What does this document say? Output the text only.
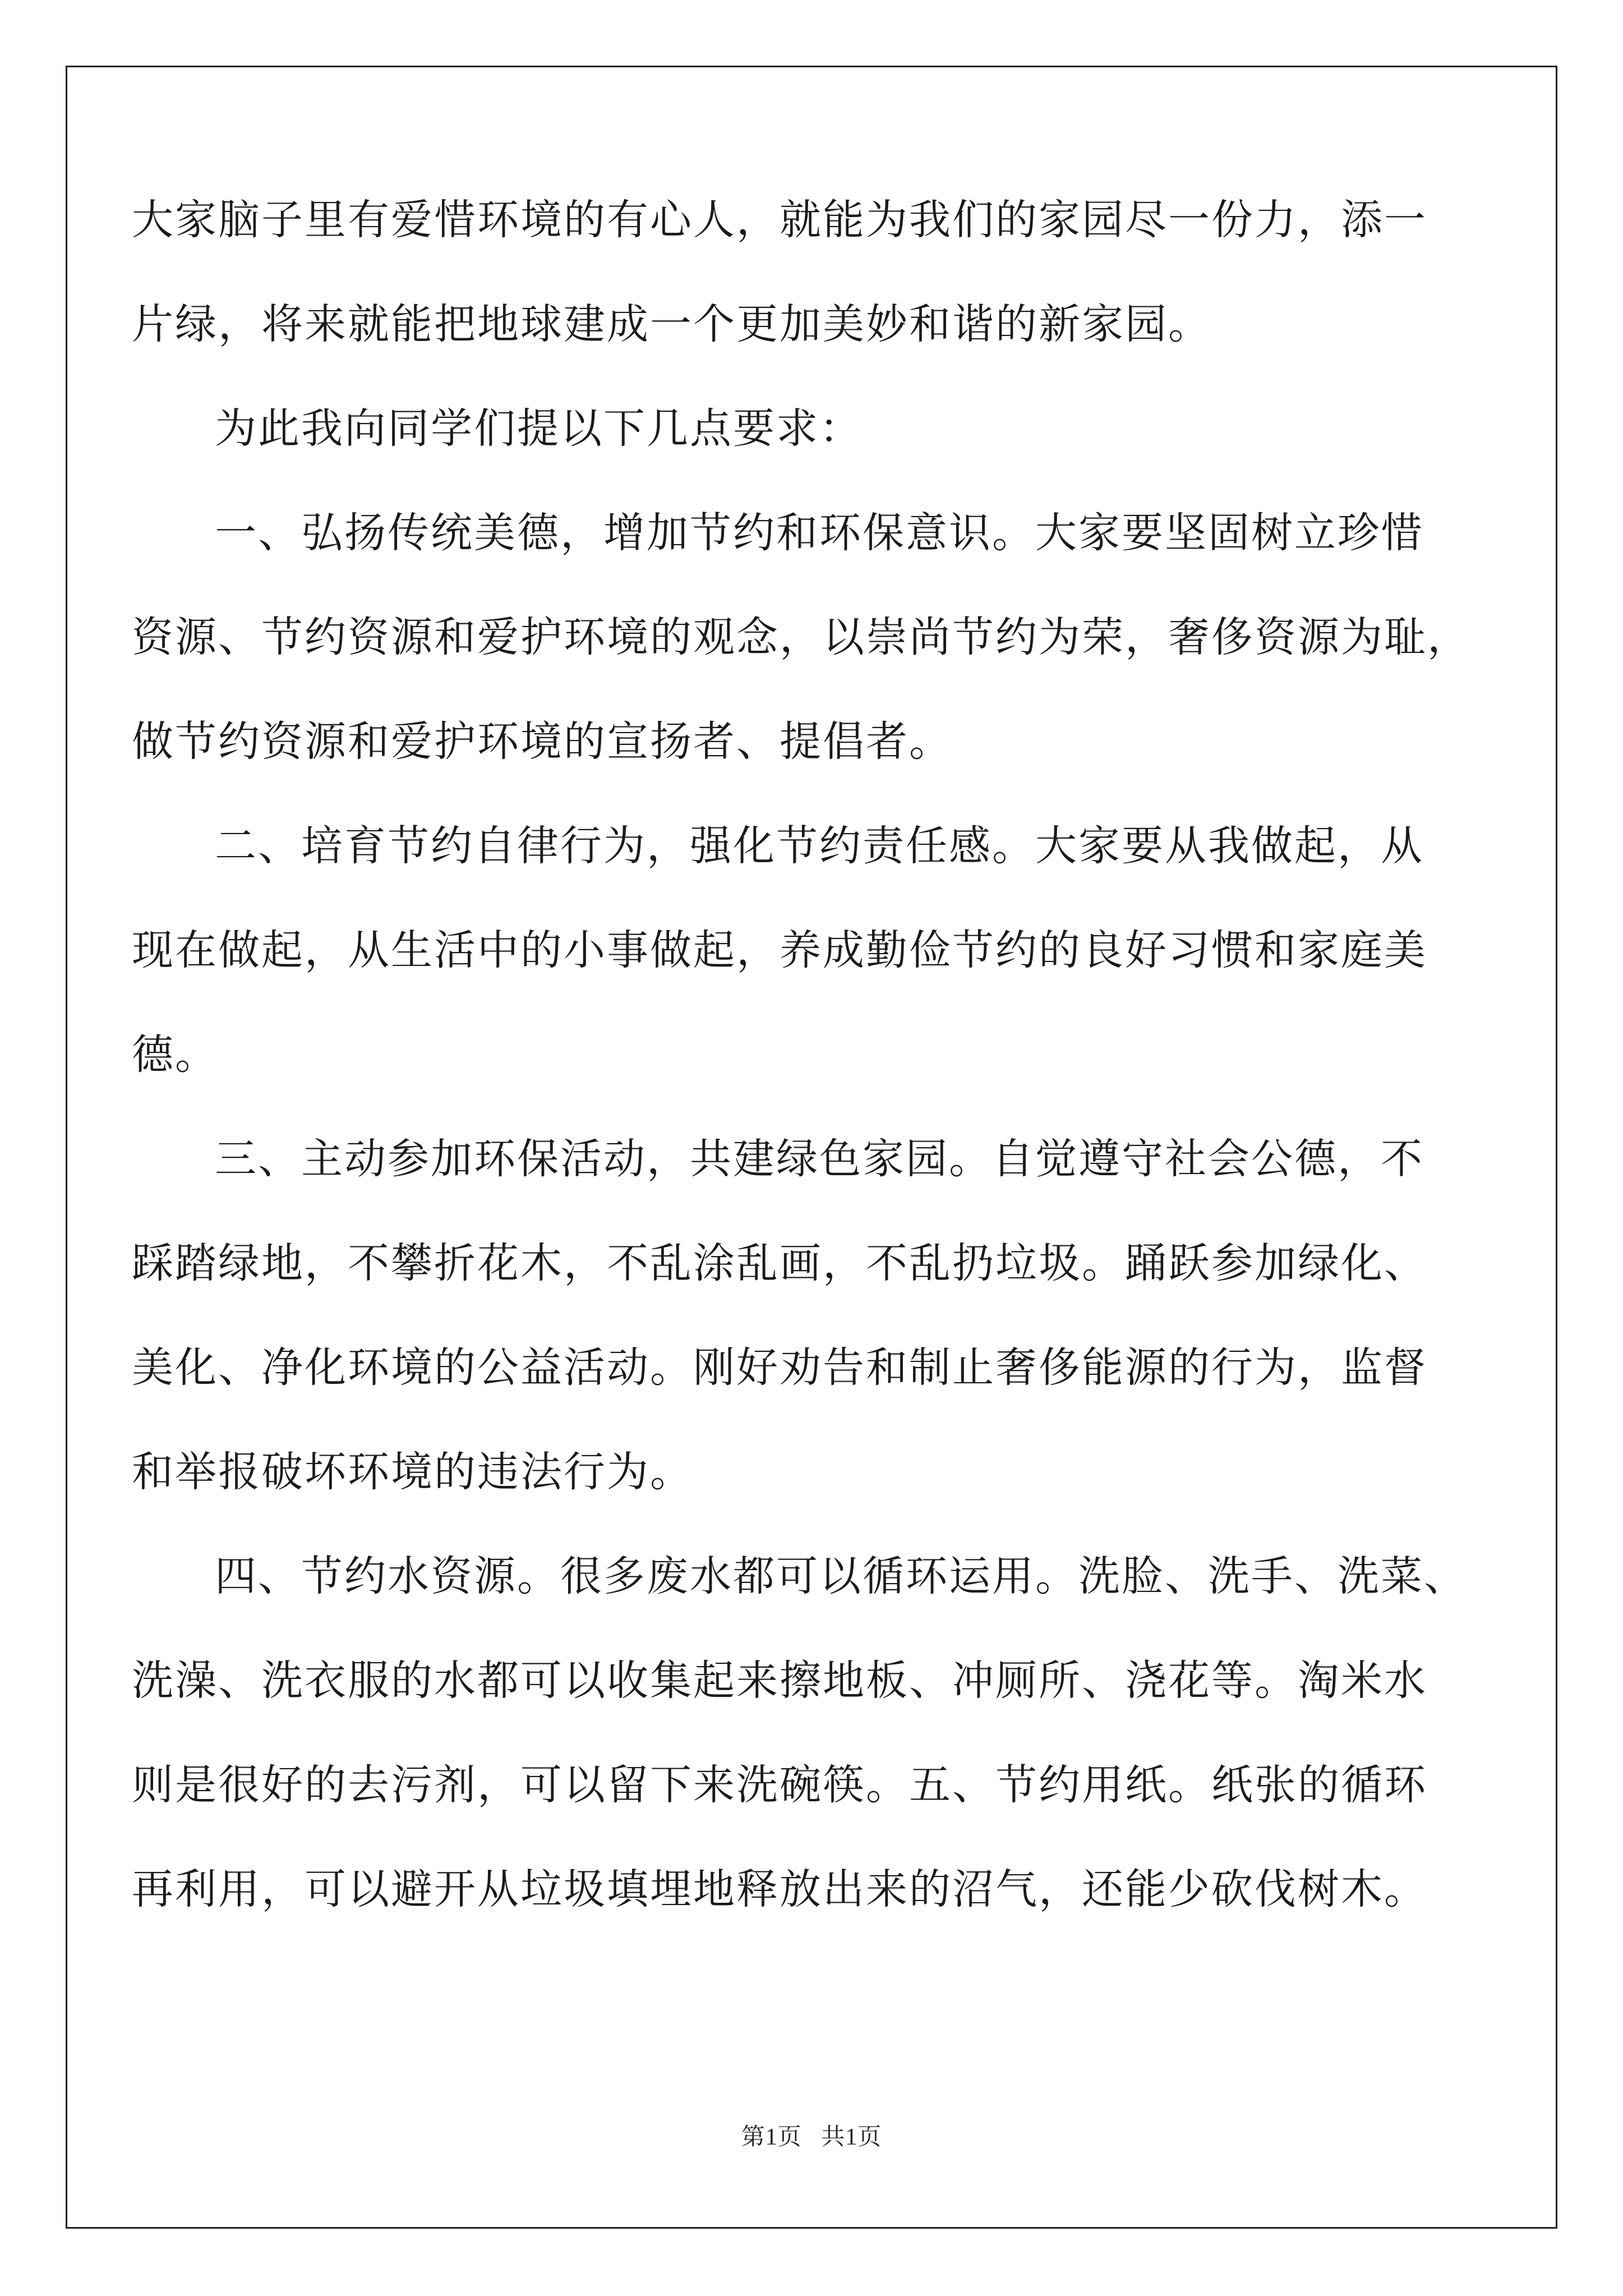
大家脑子里有爱惜环境的有心人，就能为我们的家园尽一份力，添一
片绿，将来就能把地球建成一个更加美妙和谐的新家园。
为此我向同学们提以下几点要求：
一、弘扬传统美德，增加节约和环保意识。大家要坚固树立珍惜
资源、节约资源和爱护环境的观念，以崇尚节约为荣，奢侈资源为耻，
做节约资源和爱护环境的宣扬者、提倡者。
二、培育节约自律行为，强化节约责任感。大家要从我做起，从
现在做起，从生活中的小事做起，养成勤俭节约的良好习惯和家庭美
德。
三、主动参加环保活动，共建绿色家园。自觉遵守社会公德，不
踩踏绿地，不攀折花木，不乱涂乱画，不乱扔垃圾。踊跃参加绿化、
美化、净化环境的公益活动。刚好劝告和制止奢侈能源的行为，监督
和举报破坏环境的违法行为。
四、节约水资源。很多废水都可以循环运用。洗脸、洗手、洗菜、
洗澡、洗衣服的水都可以收集起来擦地板、冲厕所、浇花等。淘米水
则是很好的去污剂，可以留下来洗碗筷。五、节约用纸。纸张的循环
再利用，可以避开从垃圾填埋地释放出来的沼气，还能少砍伐树木。
第1页   共1页
